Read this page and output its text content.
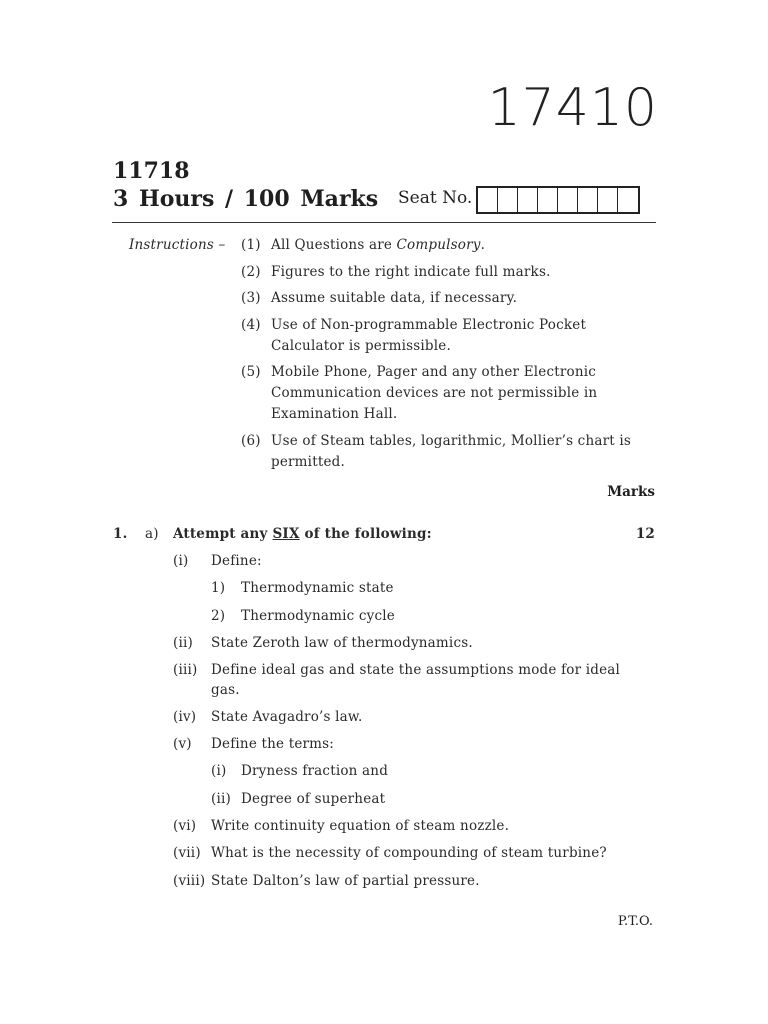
17410
11718
3 Hours / 100 Marks Seat No.
Instructions – (1) All Questions are Compulsory.
(2) Figures to the right indicate full marks.
(3) Assume suitable data, if necessary.
(4) Use of Non-programmable Electronic Pocket
Calculator is permissible.
(5) Mobile Phone, Pager and any other Electronic
Communication devices are not permissible in
Examination Hall.
(6) Use of Steam tables, logarithmic, Mollier’s chart is
permitted.
Marks
1. a) Attempt any SIX of the following:	12
(i) Define:
1) Thermodynamic state
2) Thermodynamic cycle
(ii) State Zeroth law of thermodynamics.
(iii) Define ideal gas and state the assumptions mode for ideal
gas.
(iv) State Avagadro’s law.
(v) Define the terms:
(i) Dryness fraction and
(ii) Degree of superheat
(vi) Write continuity equation of steam nozzle.
(vii) What is the necessity of compounding of steam turbine?
(viii) State Dalton’s law of partial pressure.
P.T.O.
